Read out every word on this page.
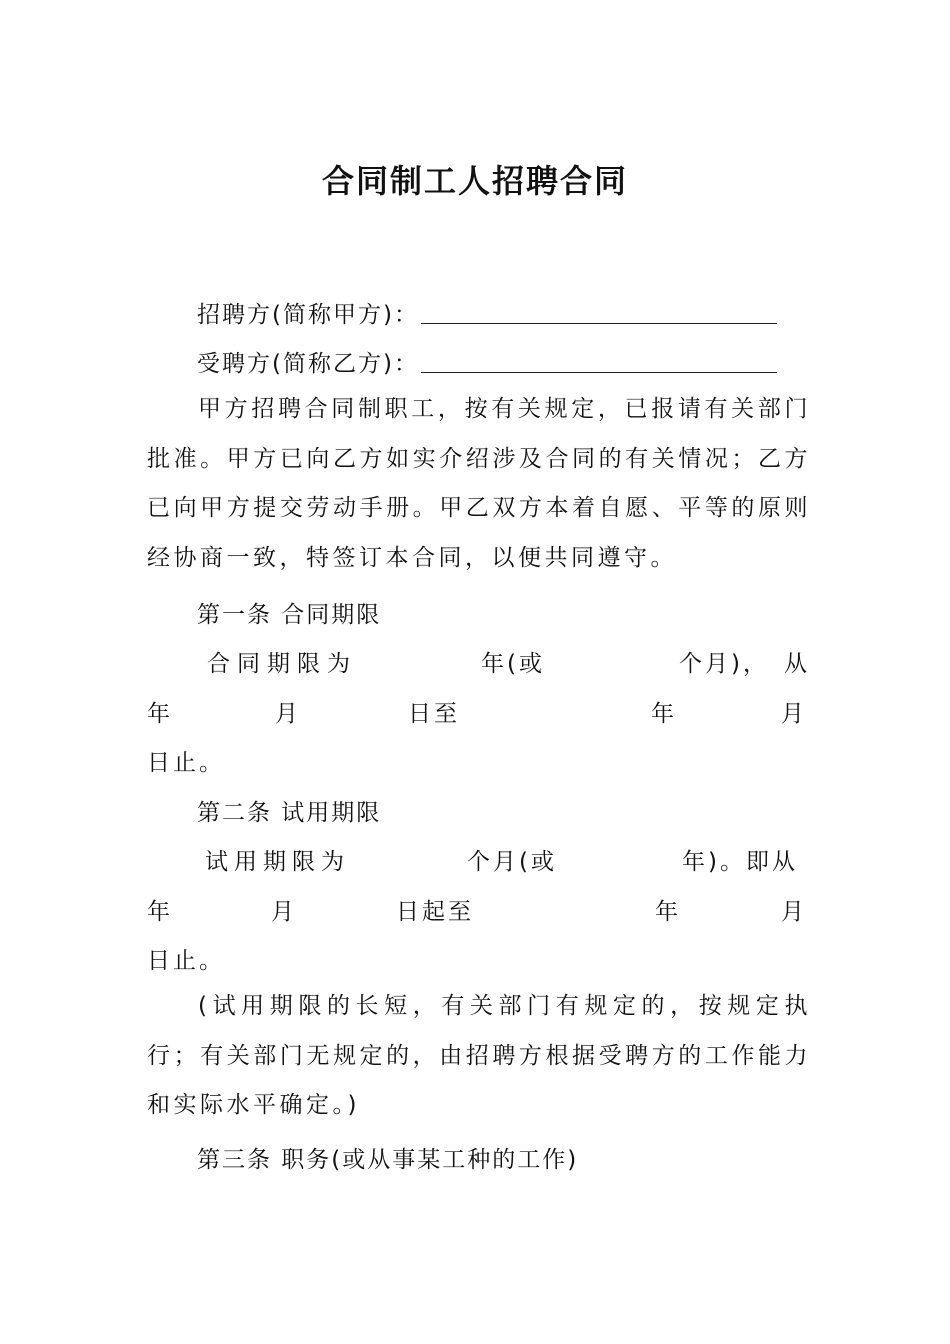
合同制工人招聘合同
招聘方(简称甲方)：
受聘方(简称乙方)：

甲方招聘合同制职工，按有关规定，已报请有关部门批准。甲方已向乙方如实介绍涉及合同的有关情况；乙方已向甲方提交劳动手册。甲乙双方本着自愿、平等的原则经协商一致，特签订本合同，以便共同遵守。

第一条 合同期限
合同期限为	年(或	个月)， 从
年	月	日至	年	月
日止。
第二条 试用期限
试用期限为	个月(或	年)。即从
年	月	日起至	年	月
日止。

(试用期限的长短，有关部门有规定的，按规定执行；有关部门无规定的，由招聘方根据受聘方的工作能力和实际水平确定。)

第三条 职务(或从事某工种的工作)
